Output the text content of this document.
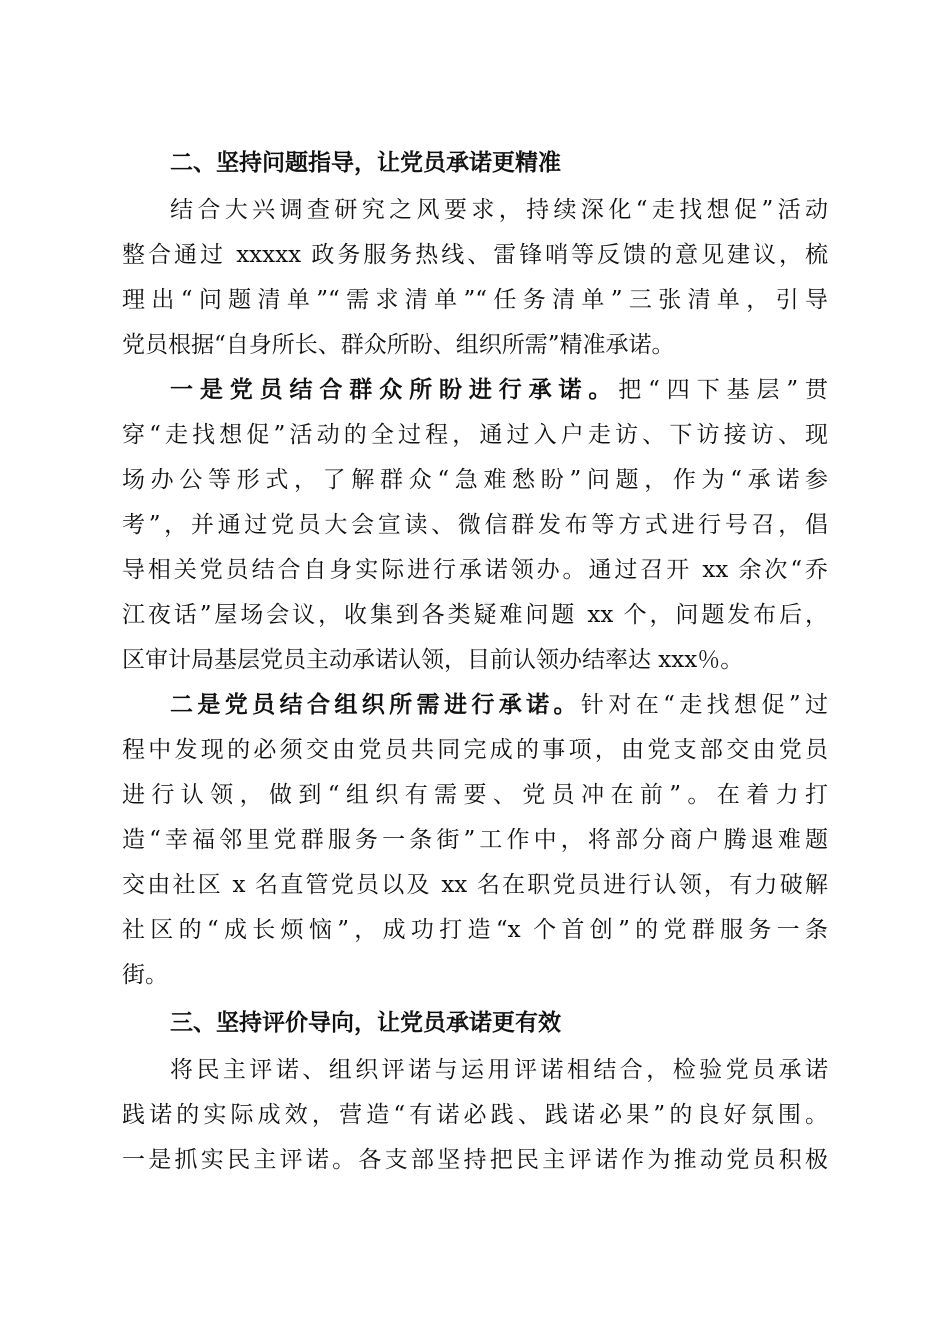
二、坚持问题指导，让党员承诺更精准

结合大兴调查研究之风要求，持续深化“走找想促”活动

整合通过 xxxxx 政务服务热线、雷锋哨等反馈的意见建议，梳

理出“问题清单”“需求清单”“任务清单”三张清单，引导

党员根据“自身所长、群众所盼、组织所需”精准承诺。

一是党员结合群众所盼进行承诺。把“四下基层”贯

穿“走找想促”活动的全过程，通过入户走访、下访接访、现

场办公等形式，了解群众“急难愁盼”问题，作为“承诺参

考”，并通过党员大会宣读、微信群发布等方式进行号召，倡

导相关党员结合自身实际进行承诺领办。通过召开 xx 余次“乔

江夜话”屋场会议，收集到各类疑难问题 xx 个，问题发布后，

区审计局基层党员主动承诺认领，目前认领办结率达 xxx％。

二是党员结合组织所需进行承诺。针对在“走找想促”过

程中发现的必须交由党员共同完成的事项，由党支部交由党员

进行认领，做到“组织有需要、党员冲在前”。在着力打

造“幸福邻里党群服务一条街”工作中，将部分商户腾退难题

交由社区 x 名直管党员以及 xx 名在职党员进行认领，有力破解

社区的“成长烦恼”，成功打造“x 个首创”的党群服务一条

街。

三、坚持评价导向，让党员承诺更有效

将民主评诺、组织评诺与运用评诺相结合，检验党员承诺

践诺的实际成效，营造“有诺必践、践诺必果”的良好氛围。

一是抓实民主评诺。各支部坚持把民主评诺作为推动党员积极
